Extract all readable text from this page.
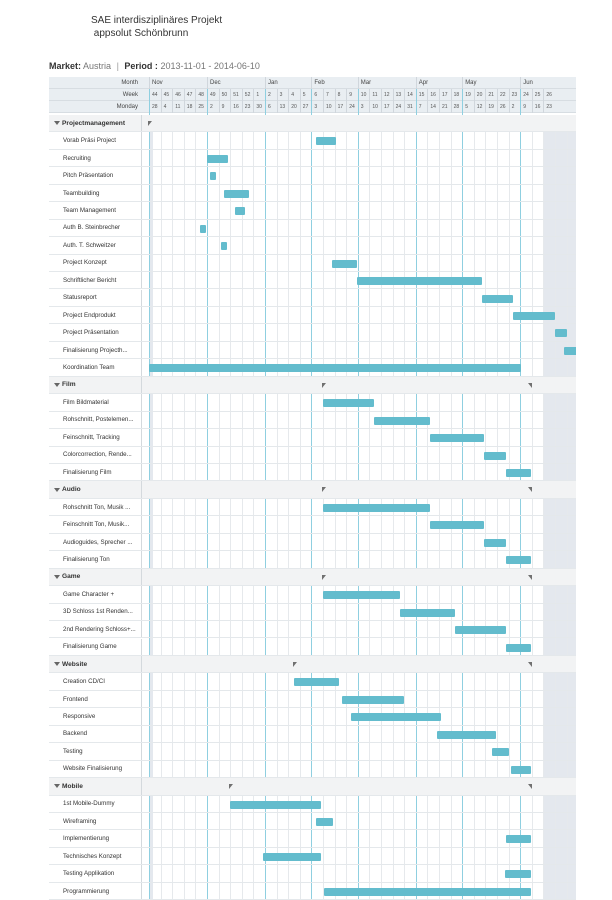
SAE interdisziplinäres Projekt
appsolut Schönbrunn
Market: Austria | Period : 2013-11-01 - 2014-06-10
Month	Nov	Dec	Jan	Feb	Mar	Apr	May	Jun
Week	44	45	46	47	48	49	50	51	52	1	2	3	4	5	6	7	8	9	10	11	12	13	14	15	16	17	18	19	20	21	22	23	24	25	26
Monday	28	4	11	18	25	2	9	16	23	30	6	13	20	27	3	10	17	24	3	10	17	24	31	7	14	21	28	5	12	19	26	2	9	16	23
Projectmanagement
Vorab Präsi Project
Recruiting
Pitch Präsentation
Teambuilding
Team Management
Auth B. Steinbrecher
Auth. T. Schweitzer
Project Konzept
Schriftlicher Bericht
Statusreport
Project Endprodukt
Project Präsentation
Finalisierung Projecth...
Koordination Team
Film
Film Bildmaterial
Rohschnitt, Postelemen...
Feinschnitt, Tracking
Colorcorrection, Rende...
Finalisierung Film
Audio
Rohschnitt Ton, Musik ...
Feinschnitt Ton, Musik...
Audioguides, Sprecher ...
Finalisierung Ton
Game
Game Character +
3D Schloss 1st Renden...
2nd Rendering Schloss+...
Finalisierung Game
Website
Creation CD/CI
Frontend
Responsive
Backend
Testing
Website Finalisierung
Mobile
1st Mobile-Dummy
Wireframing
Implementierung
Technisches Konzept
Testing Applikation
Programmierung
